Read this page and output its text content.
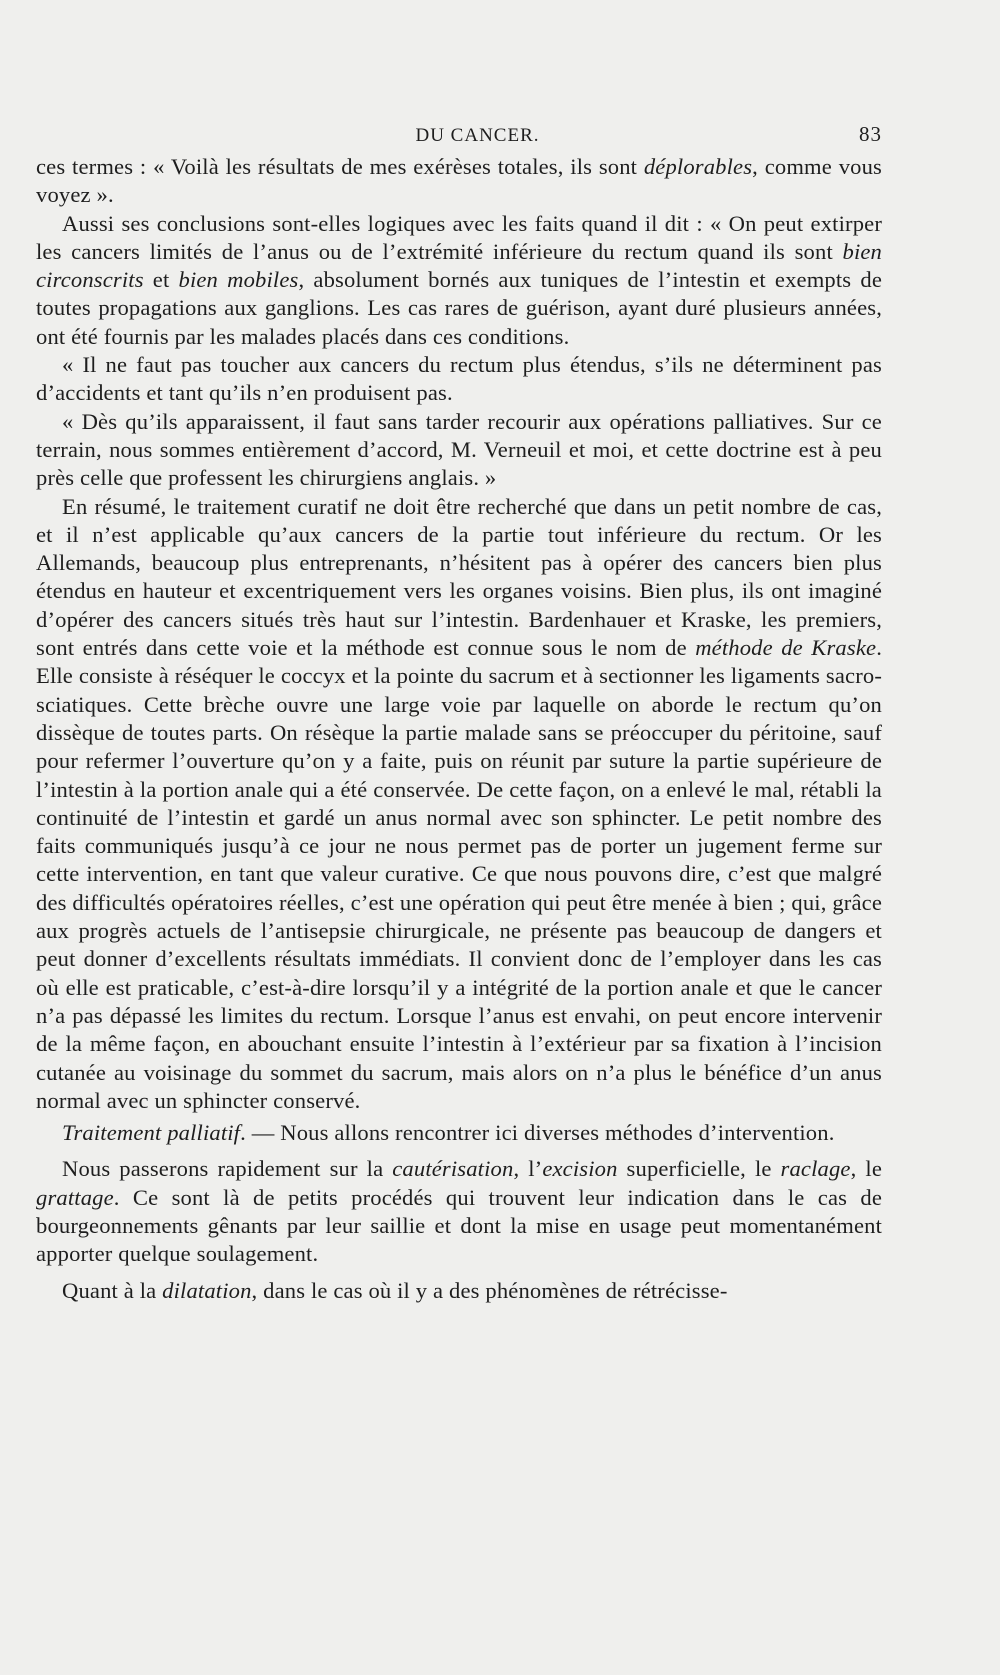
DU CANCER.	83

ces termes : « Voilà les résultats de mes exérèses totales, ils sont déplorables, comme vous voyez ».

Aussi ses conclusions sont-elles logiques avec les faits quand il dit : « On peut extirper les cancers limités de l’anus ou de l’extrémité inférieure du rectum quand ils sont bien circonscrits et bien mobiles, absolument bornés aux tuniques de l’intestin et exempts de toutes propagations aux ganglions. Les cas rares de guérison, ayant duré plusieurs années, ont été fournis par les malades placés dans ces conditions.

« Il ne faut pas toucher aux cancers du rectum plus étendus, s’ils ne déterminent pas d’accidents et tant qu’ils n’en produisent pas.

« Dès qu’ils apparaissent, il faut sans tarder recourir aux opérations palliatives. Sur ce terrain, nous sommes entièrement d’accord, M. Verneuil et moi, et cette doctrine est à peu près celle que professent les chirurgiens anglais. »

En résumé, le traitement curatif ne doit être recherché que dans un petit nombre de cas, et il n’est applicable qu’aux cancers de la partie tout inférieure du rectum. Or les Allemands, beaucoup plus entreprenants, n’hésitent pas à opérer des cancers bien plus étendus en hauteur et excentriquement vers les organes voisins. Bien plus, ils ont imaginé d’opérer des cancers situés très haut sur l’intestin. Bardenhauer et Kraske, les premiers, sont entrés dans cette voie et la méthode est connue sous le nom de méthode de Kraske. Elle consiste à réséquer le coccyx et la pointe du sacrum et à sectionner les ligaments sacro-sciatiques. Cette brèche ouvre une large voie par laquelle on aborde le rectum qu’on dissèque de toutes parts. On résèque la partie malade sans se préoccuper du péritoine, sauf pour refermer l’ouverture qu’on y a faite, puis on réunit par suture la partie supérieure de l’intestin à la portion anale qui a été conservée. De cette façon, on a enlevé le mal, rétabli la continuité de l’intestin et gardé un anus normal avec son sphincter. Le petit nombre des faits communiqués jusqu’à ce jour ne nous permet pas de porter un jugement ferme sur cette intervention, en tant que valeur curative. Ce que nous pouvons dire, c’est que malgré des difficultés opératoires réelles, c’est une opération qui peut être menée à bien ; qui, grâce aux progrès actuels de l’antisepsie chirurgicale, ne présente pas beaucoup de dangers et peut donner d’excellents résultats immédiats. Il convient donc de l’employer dans les cas où elle est praticable, c’est-à-dire lorsqu’il y a intégrité de la portion anale et que le cancer n’a pas dépassé les limites du rectum. Lorsque l’anus est envahi, on peut encore intervenir de la même façon, en abouchant ensuite l’intestin à l’extérieur par sa fixation à l’incision cutanée au voisinage du sommet du sacrum, mais alors on n’a plus le bénéfice d’un anus normal avec un sphincter conservé.

Traitement palliatif. — Nous allons rencontrer ici diverses méthodes d’intervention.

Nous passerons rapidement sur la cautérisation, l’excision superficielle, le raclage, le grattage. Ce sont là de petits procédés qui trouvent leur indication dans le cas de bourgeonnements gênants par leur saillie et dont la mise en usage peut momentanément apporter quelque soulagement.

Quant à la dilatation, dans le cas où il y a des phénomènes de rétrécisse-
